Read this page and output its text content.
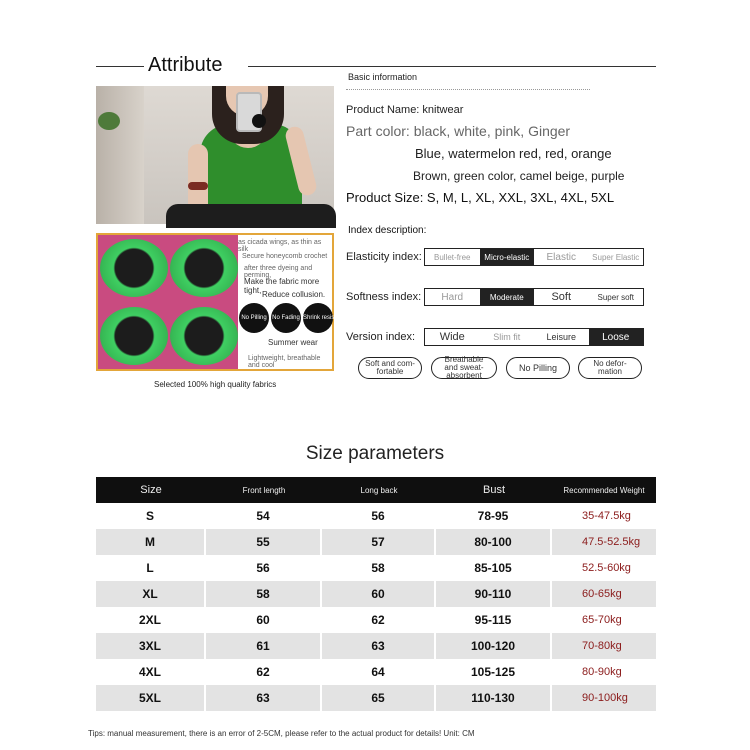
Attribute
Basic information
Product Name: knitwear
Part color: black, white, pink, Ginger
Blue, watermelon red, red, orange
Brown, green color, camel beige, purple
Product Size: S, M, L, XL, XXL, 3XL, 4XL, 5XL
as cicada wings, as thin as silk
Secure honeycomb crochet
after three dyeing and perming,
Make the fabric more tight, Reduce collusion.
No Pilling No Fading Shrink resistant
Summer wear
Lightweight, breathable and cool
Selected 100% high quality fabrics
Index description:
Elasticity index:	Bullet-free	Micro-elastic	Elastic	Super Elastic
Softness index:	Hard	Moderate	Soft	Super soft
Version index:	Wide	Slim fit	Leisure	Loose
Soft and com-fortable
Breathable and sweat-absorbent
No Pilling	No defor-mation
Size parameters
Size	Front length	Long back	Bust	Recommended Weight
S	54	56	78-95	35-47.5kg
M	55	57	80-100	47.5-52.5kg
L	56	58	85-105	52.5-60kg
XL	58	60	90-110	60-65kg
2XL	60	62	95-115	65-70kg
3XL	61	63	100-120	70-80kg
4XL	62	64	105-125	80-90kg
5XL	63	65	110-130	90-100kg
Tips: manual measurement, there is an error of 2-5CM, please refer to the actual product for details! Unit: CM
